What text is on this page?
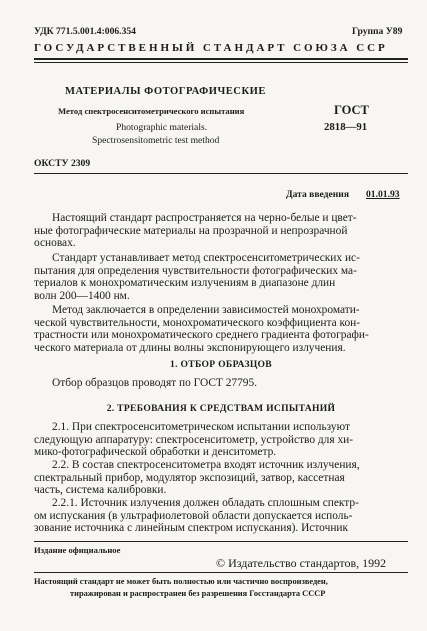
УДК 771.5.001.4:006.354	Группа У89
ГОСУДАРСТВЕННЫЙ СТАНДАРТ СОЮЗА ССР
МАТЕРИАЛЫ ФОТОГРАФИЧЕСКИЕ
Метод спектросенситометрического испытания
Photographic materials.
Spectrosensitometric test method
ГОСТ
2818—91
ОКСТУ 2309
Дата введения 01.01.93
Настоящий стандарт распространяется на черно-белые и цвет-
ные фотографические материалы на прозрачной и непрозрачной
основах.
Стандарт устанавливает метод спектросенситометрических ис-
пытания для определения чувствительности фотографических ма-
териалов к монохроматическим излучениям в диапазоне длин
волн 200—1400 нм.
Метод заключается в определении зависимостей монохромати-
ческой чувствительности, монохроматического коэффициента кон-
трастности или монохроматического среднего градиента фотографи-
ческого материала от длины волны экспонирующего излучения.
1. ОТБОР ОБРАЗЦОВ
Отбор образцов проводят по ГОСТ 27795.
2. ТРЕБОВАНИЯ К СРЕДСТВАМ ИСПЫТАНИЙ
2.1. При спектросенситометрическом испытании используют
следующую аппаратуру: спектросенситометр, устройство для хи-
мико-фотографической обработки и денситометр.
2.2. В состав спектросенситометра входят источник излучения,
спектральный прибор, модулятор экспозиций, затвор, кассетная
часть, система калибровки.
2.2.1. Источник излучения должен обладать сплошным спектр-
ом испускания (в ультрафиолетовой области допускается исполь-
зование источника с линейным спектром испускания). Источник
Издание официальное
© Издательство стандартов, 1992
Настоящий стандарт не может быть полностью или частично воспроизведен,
тиражирован и распространен без разрешения Госстандарта СССР
